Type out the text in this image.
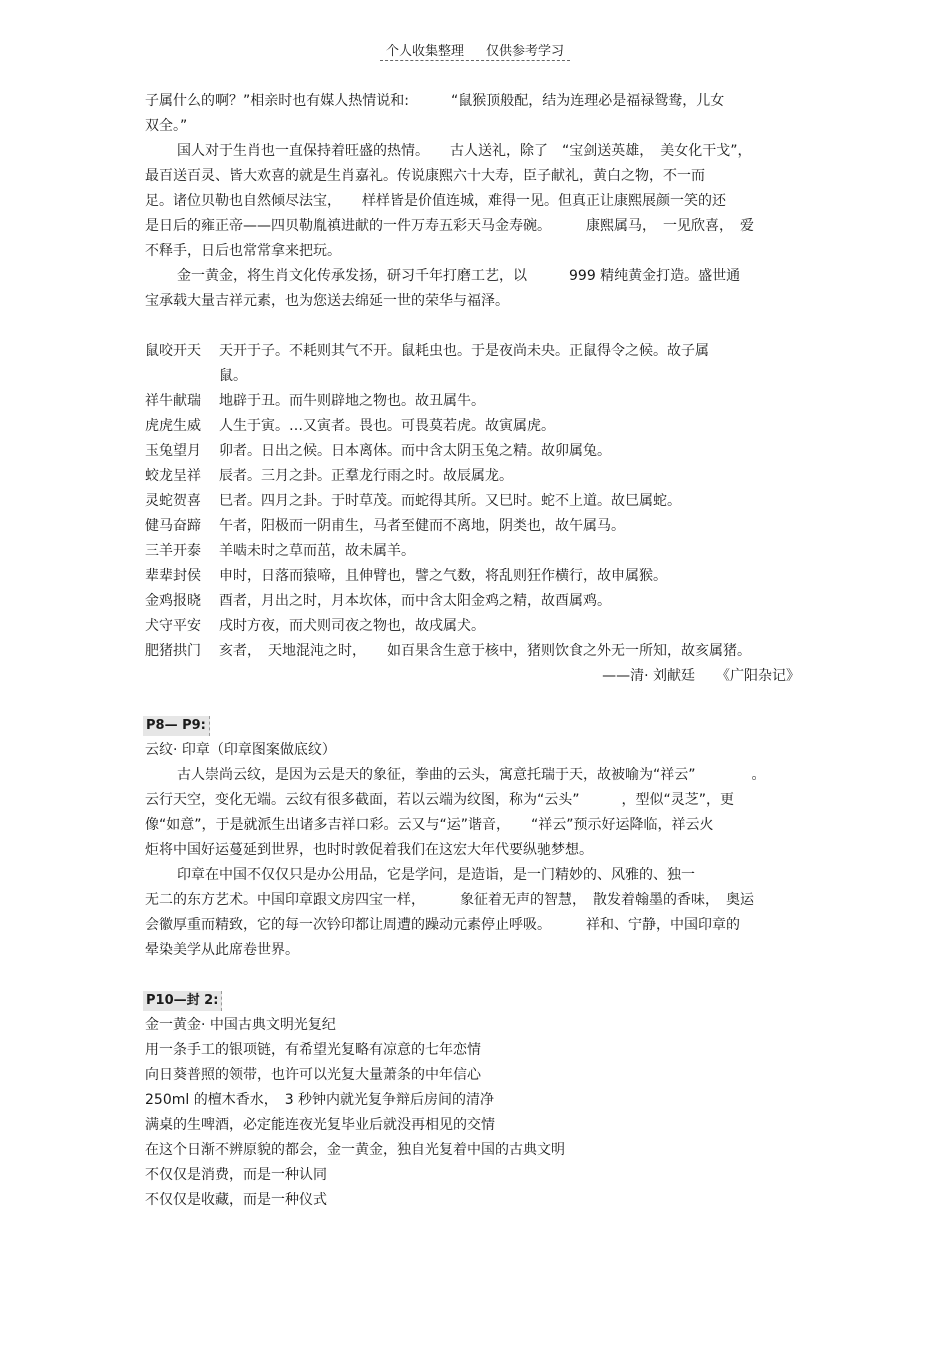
个人收集整理 仅供参考学习
子属什么的啊？”相亲时也有媒人热情说和:　　　“鼠猴顶般配，结为连理必是福禄鸳鸯，儿女
双全。”
国人对于生肖也一直保持着旺盛的热情。　　古人送礼，除了　“宝剑送英雄，　美女化干戈”，
最百送百灵、皆大欢喜的就是生肖嘉礼。传说康熙六十大寿，臣子献礼，黄白之物，不一而
足。诸位贝勒也自然倾尽法宝，　　样样皆是价值连城，难得一见。但真正让康熙展颜一笑的还
是日后的雍正帝——四贝勒胤禛进献的一件万寿五彩天马金寿碗。　　　康熙属马，　一见欣喜，　爱
不释手，日后也常常拿来把玩。
金一黄金，将生肖文化传承发扬，研习千年打磨工艺，以　　　999 精纯黄金打造。盛世通
宝承载大量吉祥元素，也为您送去绵延一世的荣华与福泽。
鼠咬开天 天开于子。不耗则其气不开。鼠耗虫也。于是夜尚未央。正鼠得令之候。故子属
鼠。
祥牛献瑞 地辟于丑。而牛则辟地之物也。故丑属牛。
虎虎生威 人生于寅。…又寅者。畏也。可畏莫若虎。故寅属虎。
玉兔望月 卯者。日出之候。日本离体。而中含太阴玉兔之精。故卯属兔。
蛟龙呈祥 辰者。三月之卦。正羣龙行雨之时。故辰属龙。
灵蛇贺喜 巳者。四月之卦。于时草茂。而蛇得其所。又巳时。蛇不上道。故巳属蛇。
健马奋蹄 午者，阳极而一阴甫生，马者至健而不离地，阴类也，故午属马。
三羊开泰 羊啮未时之草而茁，故未属羊。
辈辈封侯 申时，日落而猿啼，且伸臂也，譬之气数，将乱则狂作横行，故申属猴。
金鸡报晓 酉者，月出之时，月本坎体，而中含太阳金鸡之精，故酉属鸡。
犬守平安 戌时方夜，而犬则司夜之物也，故戌属犬。
肥猪拱门 亥者，　天地混沌之时，　　如百果含生意于核中，猪则饮食之外无一所知，故亥属猪。
——清· 刘献廷　　《广阳杂记》
P8— P9:
云纹· 印章（印章图案做底纹）
古人崇尚云纹，是因为云是天的象征，拳曲的云头，寓意托瑞于天，故被喻为“祥云”　　　　。
云行天空，变化无端。云纹有很多截面，若以云端为纹图，称为“云头”　　　，型似“灵芝”，更
像“如意”，于是就派生出诸多吉祥口彩。云又与“运”谐音，　　“祥云”预示好运降临，祥云火
炬将中国好运蔓延到世界，也时时敦促着我们在这宏大年代要纵驰梦想。
印章在中国不仅仅只是办公用品，它是学问，是造诣，是一门精妙的、风雅的、独一
无二的东方艺术。中国印章跟文房四宝一样，　　　象征着无声的智慧，　散发着翰墨的香味，　奥运
会徽厚重而精致，它的每一次钤印都让周遭的躁动元素停止呼吸。　　　祥和、宁静，中国印章的
晕染美学从此席卷世界。
P10—封 2:
金一黄金· 中国古典文明光复纪
用一条手工的银项链，有希望光复略有凉意的七年恋情
向日葵普照的领带，也许可以光复大量萧条的中年信心
250ml 的檀木香水，　3 秒钟内就光复争辩后房间的清净
满桌的生啤酒，必定能连夜光复毕业后就没再相见的交情
在这个日渐不辨原貌的都会，金一黄金，独自光复着中国的古典文明
不仅仅是消费，而是一种认同
不仅仅是收藏，而是一种仪式
